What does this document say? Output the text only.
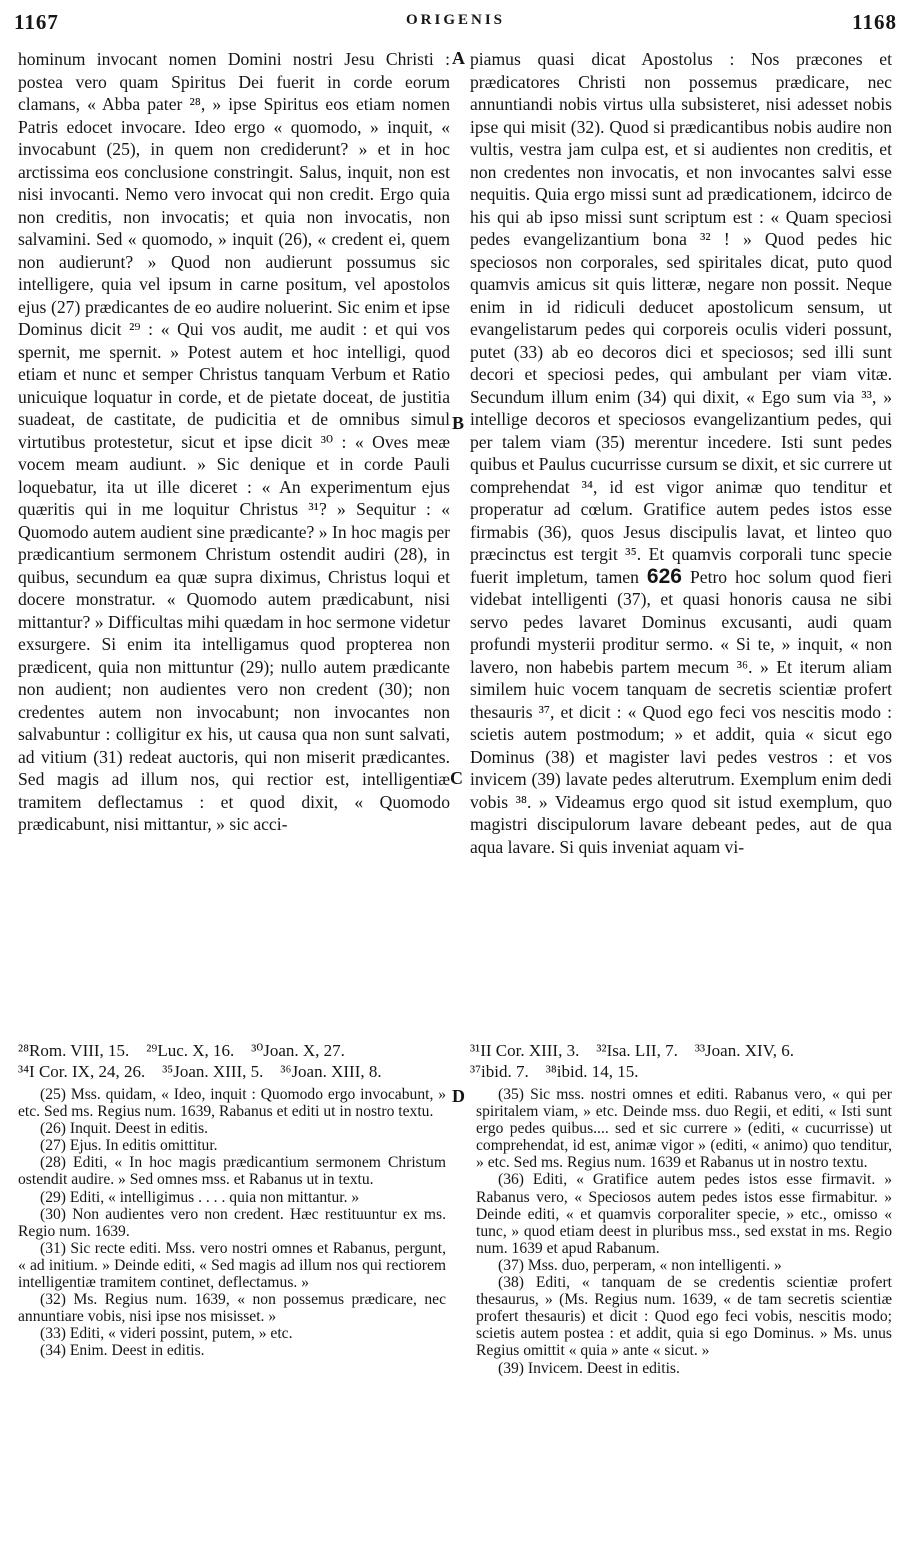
1167	ORIGENIS	1168

hominum invocant nomen Domini nostri Jesu Christi : postea vero quam Spiritus Dei fuerit in corde eorum clamans, « Abba pater ²⁸, » ipse Spiritus eos etiam nomen Patris edocet invocare. Ideo ergo « quomodo, » inquit, « invocabunt (25), in quem non crediderunt? » et in hoc arctissima eos conclusione constringit. Salus, inquit, non est nisi invocanti. Nemo vero invocat qui non credit. Ergo quia non creditis, non invocatis; et quia non invocatis, non salvamini. Sed « quomodo, » inquit (26), « credent ei, quem non audierunt? » Quod non audierunt possumus sic intelligere, quia vel ipsum in carne positum, vel apostolos ejus (27) prædicantes de eo audire noluerint. Sic enim et ipse Dominus dicit ²⁹ : « Qui vos audit, me audit : et qui vos spernit, me spernit. » Potest autem et hoc intelligi, quod etiam et nunc et semper Christus tanquam Verbum et Ratio unicuique loquatur in corde, et de pietate doceat, de justitia suadeat, de castitate, de pudicitia et de omnibus simul virtutibus protestetur, sicut et ipse dicit ³⁰ : « Oves meæ vocem meam audiunt. » Sic denique et in corde Pauli loquebatur, ita ut ille diceret : « An experimentum ejus quæritis qui in me loquitur Christus ³¹? » Sequitur : « Quomodo autem audient sine prædicante? » In hoc magis per prædicantium sermonem Christum ostendit audiri (28), in quibus, secundum ea quæ supra diximus, Christus loqui et docere monstratur. « Quomodo autem prædicabunt, nisi mittantur? » Difficultas mihi quædam in hoc sermone videtur exsurgere. Si enim ita intelligamus quod propterea non prædicent, quia non mittuntur (29); nullo autem prædicante non audient; non audientes vero non credent (30); non credentes autem non invocabunt; non invocantes non salvabuntur : colligitur ex his, ut causa qua non sunt salvati, ad vitium (31) redeat auctoris, qui non miserit prædicantes. Sed magis ad illum nos, qui rectior est, intelligentiæ tramitem deflectamus : et quod dixit, « Quomodo prædicabunt, nisi mittantur, » sic acci-

piamus quasi dicat Apostolus : Nos præcones et prædicatores Christi non possemus prædicare, nec annuntiandi nobis virtus ulla subsisteret, nisi adesset nobis ipse qui misit (32). Quod si prædicantibus nobis audire non vultis, vestra jam culpa est, et si audientes non creditis, et non credentes non invocatis, et non invocantes salvi esse nequitis. Quia ergo missi sunt ad prædicationem, idcirco de his qui ab ipso missi sunt scriptum est : « Quam speciosi pedes evangelizantium bona ³² ! » Quod pedes hic speciosos non corporales, sed spiritales dicat, puto quod quamvis amicus sit quis litteræ, negare non possit. Neque enim in id ridiculi deducet apostolicum sensum, ut evangelistarum pedes qui corporeis oculis videri possunt, putet (33) ab eo decoros dici et speciosos; sed illi sunt decori et speciosi pedes, qui ambulant per viam vitæ. Secundum illum enim (34) qui dixit, « Ego sum via ³³, » intellige decoros et speciosos evangelizantium pedes, qui per talem viam (35) merentur incedere. Isti sunt pedes quibus et Paulus cucurrisse cursum se dixit, et sic currere ut comprehendat ³⁴, id est vigor animæ quo tenditur et properatur ad cœlum. Gratifice autem pedes istos esse firmabis (36), quos Jesus discipulis lavat, et linteo quo præcinctus est tergit ³⁵. Et quamvis corporali tunc specie fuerit impletum, tamen 626 Petro hoc solum quod fieri videbat intelligenti (37), et quasi honoris causa ne sibi servo pedes lavaret Dominus excusanti, audi quam profundi mysterii proditur sermo. « Si te, » inquit, « non lavero, non habebis partem mecum ³⁶. » Et iterum aliam similem huic vocem tanquam de secretis scientiæ profert thesauris ³⁷, et dicit : « Quod ego feci vos nescitis modo : scietis autem postmodum; » et addit, quia « sicut ego Dominus (38) et magister lavi pedes vestros : et vos invicem (39) lavate pedes alterutrum. Exemplum enim dedi vobis ³⁸. » Videamus ergo quod sit istud exemplum, quo magistri discipulorum lavare debeant pedes, aut de qua aqua lavare. Si quis inveniat aquam vi-

A
B
C
D
²⁸Rom. VIII, 15. ²⁹Luc. X, 16. ³⁰Joan. X, 27.	³¹II Cor. XIII, 3. ³²Isa. LII, 7. ³³Joan. XIV, 6.
³⁴I Cor. IX, 24, 26. ³⁵Joan. XIII, 5. ³⁶Joan. XIII, 8.	³⁷ibid. 7. ³⁸ibid. 14, 15.

(25) Mss. quidam, « Ideo, inquit : Quomodo ergo invocabunt, » etc. Sed ms. Regius num. 1639, Rabanus et editi ut in nostro textu.

(26) Inquit. Deest in editis.

(27) Ejus. In editis omittitur.

(28) Editi, « In hoc magis prædicantium sermonem Christum ostendit audire. » Sed omnes mss. et Rabanus ut in textu.

(29) Editi, « intelligimus . . . . quia non mittantur. »

(30) Non audientes vero non credent. Hæc restituuntur ex ms. Regio num. 1639.

(31) Sic recte editi. Mss. vero nostri omnes et Rabanus, pergunt, « ad initium. » Deinde editi, « Sed magis ad illum nos qui rectiorem intelligentiæ tramitem continet, deflectamus. »

(32) Ms. Regius num. 1639, « non possemus prædicare, nec annuntiare vobis, nisi ipse nos misisset. »

(33) Editi, « videri possint, putem, » etc.

(34) Enim. Deest in editis.

(35) Sic mss. nostri omnes et editi. Rabanus vero, « qui per spiritalem viam, » etc. Deinde mss. duo Regii, et editi, « Isti sunt ergo pedes quibus.... sed et sic currere » (editi, « cucurrisse) ut comprehendat, id est, animæ vigor » (editi, « animo) quo tenditur, » etc. Sed ms. Regius num. 1639 et Rabanus ut in nostro textu.

(36) Editi, « Gratifice autem pedes istos esse firmavit. » Rabanus vero, « Speciosos autem pedes istos esse firmabitur. » Deinde editi, « et quamvis corporaliter specie, » etc., omisso « tunc, » quod etiam deest in pluribus mss., sed exstat in ms. Regio num. 1639 et apud Rabanum.

(37) Mss. duo, perperam, « non intelligenti. »

(38) Editi, « tanquam de se credentis scientiæ profert thesaurus, » (Ms. Regius num. 1639, « de tam secretis scientiæ profert thesauris) et dicit : Quod ego feci vobis, nescitis modo; scietis autem postea : et addit, quia si ego Dominus. » Ms. unus Regius omittit « quia » ante « sicut. »

(39) Invicem. Deest in editis.
